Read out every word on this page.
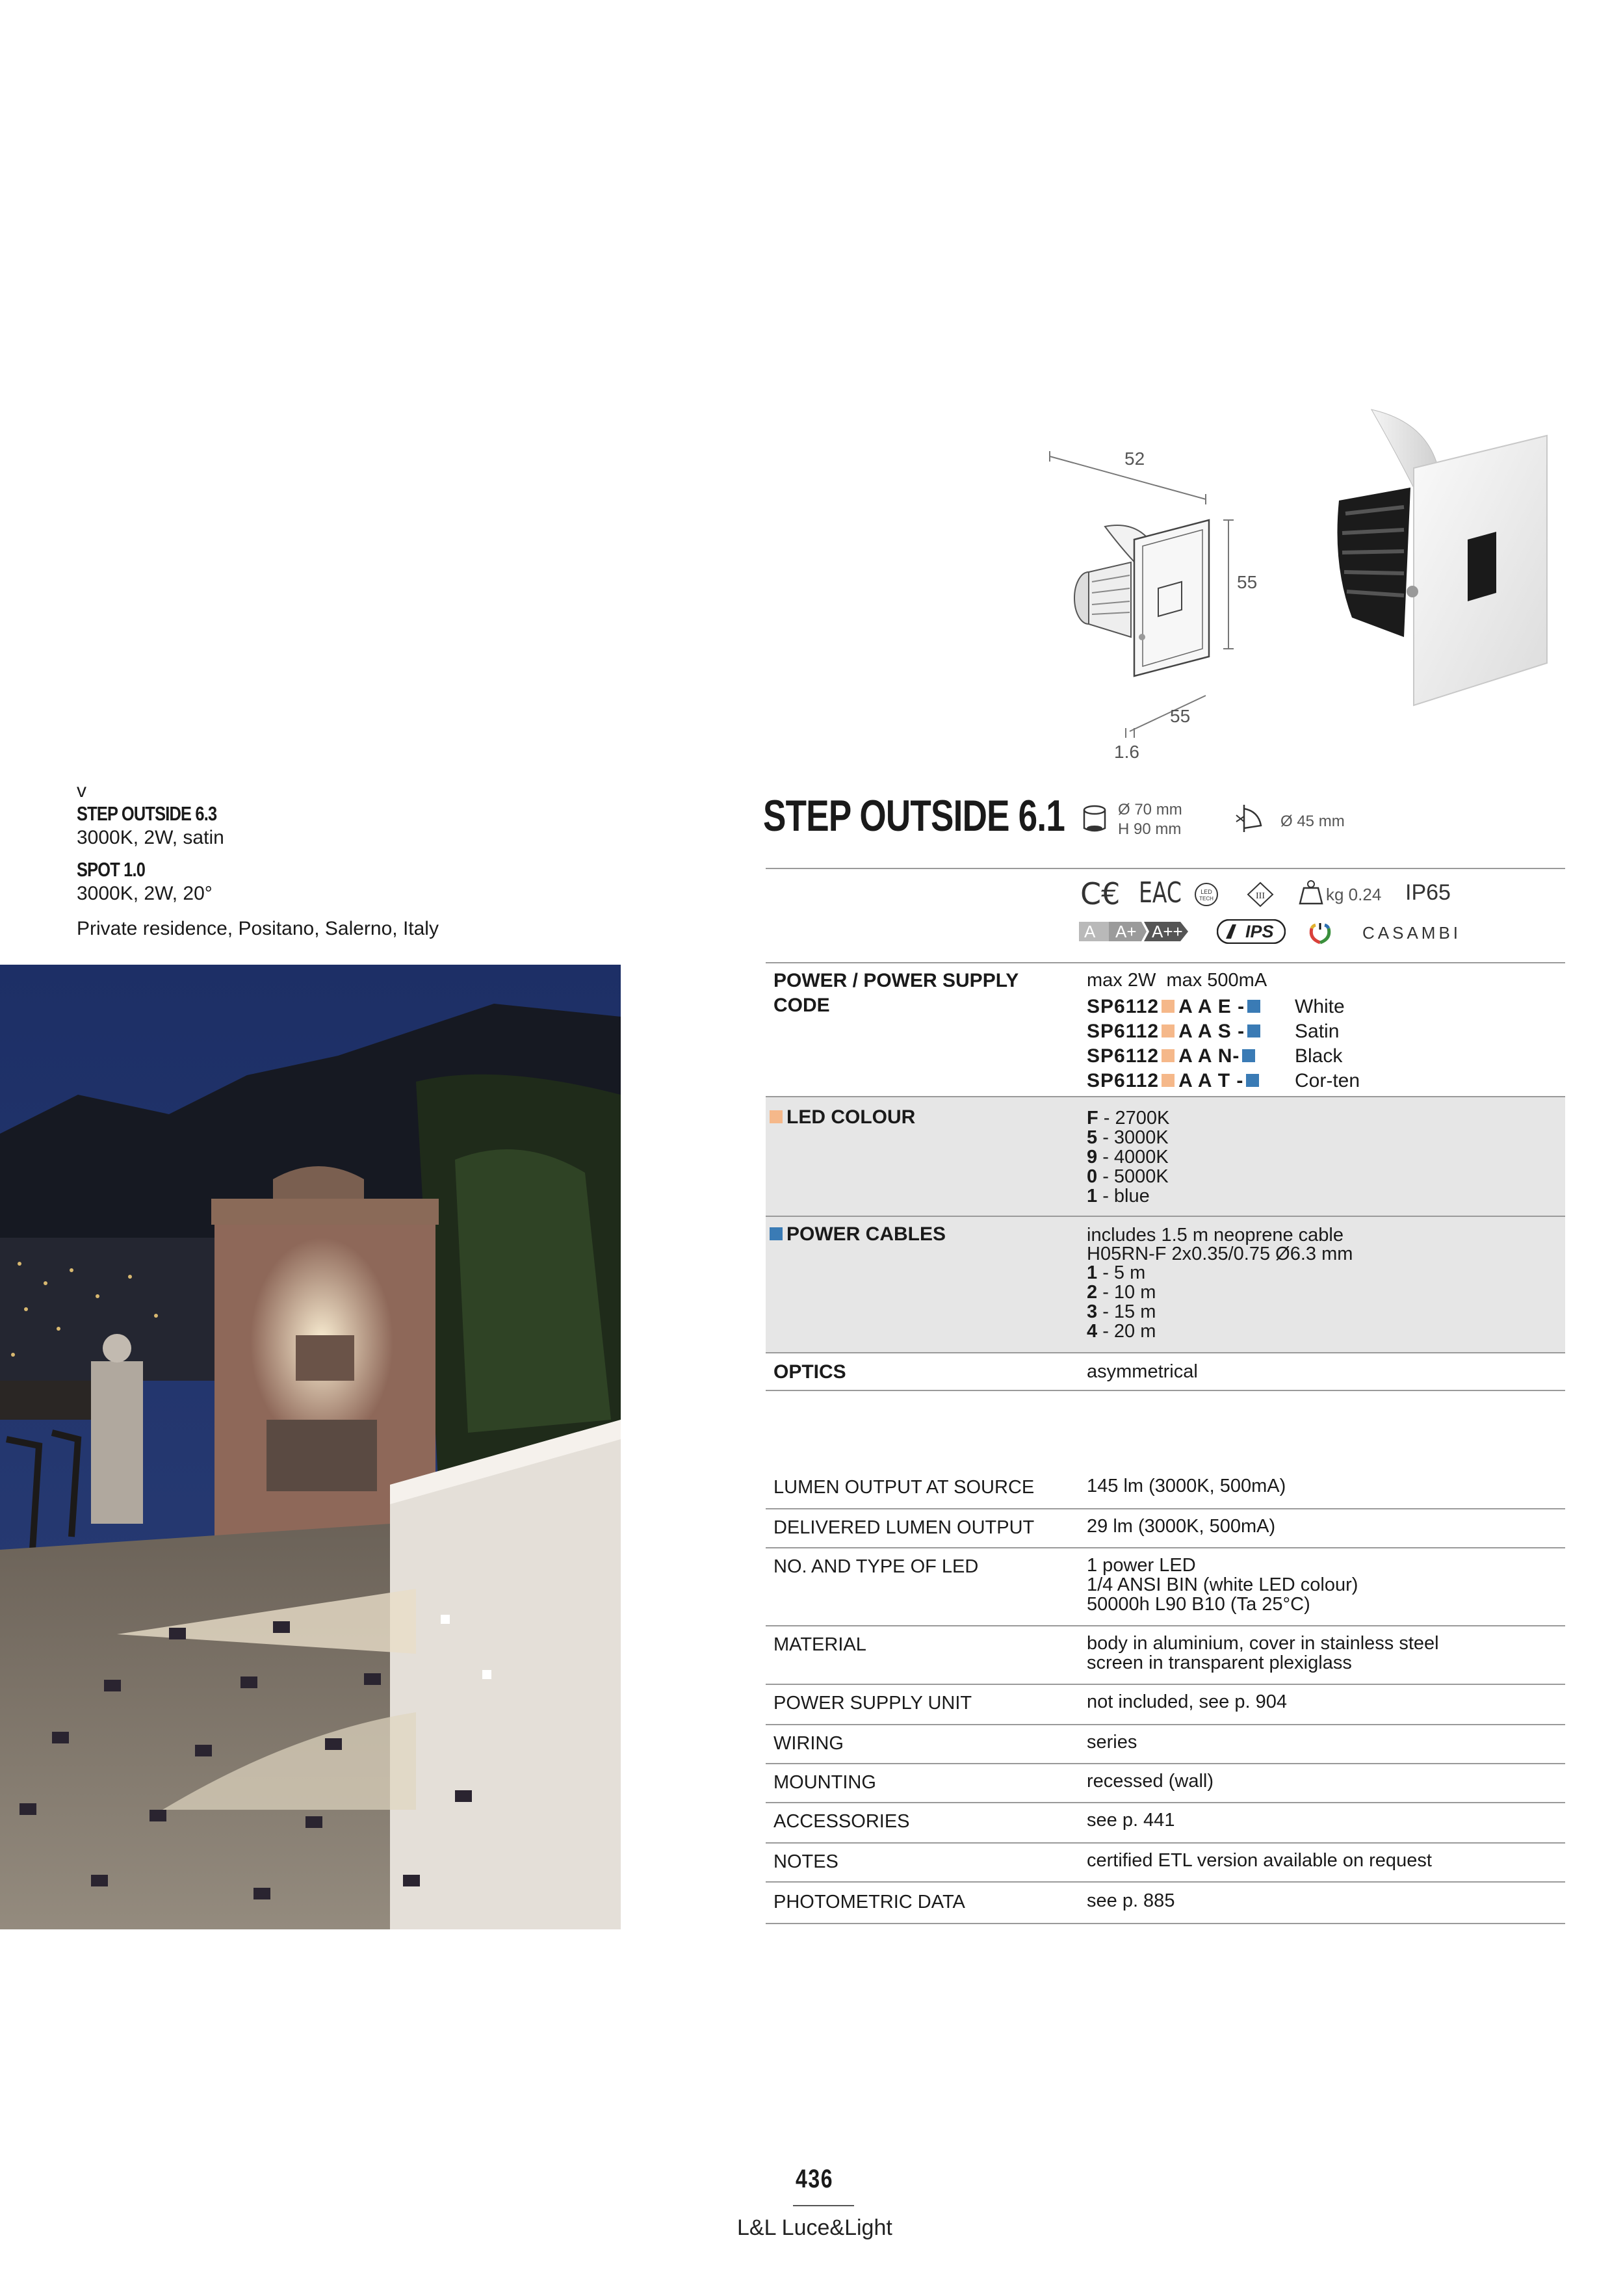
52
55
55
1.6
v
STEP OUTSIDE 6.3
3000K, 2W, satin
SPOT 1.0
3000K, 2W, 20°
Private residence, Positano, Salerno, Italy
STEP OUTSIDE 6.1	Ø 70 mm
H 90 mm	Ø 45 mm
C€ EAC	LED
TECH	III	kg 0.24 IP65
A A+ A++	IPS	CASAMBI
POWER / POWER SUPPLY
CODE
max 2W  max 500mA
SP6112 A A E -	White
SP6112 A A S -	Satin
SP6112 A A N-	Black
SP6112 A A T -	Cor-ten
LED COLOUR	F - 2700K
5 - 3000K
9 - 4000K
0 - 5000K
1 - blue
POWER CABLES	includes 1.5 m neoprene cable
H05RN-F 2x0.35/0.75 Ø6.3 mm
1 - 5 m
2 - 10 m
3 - 15 m
4 - 20 m
OPTICS	asymmetrical
LUMEN OUTPUT AT SOURCE	145 lm (3000K, 500mA)
DELIVERED LUMEN OUTPUT	29 lm (3000K, 500mA)
NO. AND TYPE OF LED	1 power LED
1/4 ANSI BIN (white LED colour)
50000h L90 B10 (Ta 25°C)
MATERIAL	body in aluminium, cover in stainless steel
screen in transparent plexiglass
POWER SUPPLY UNIT	not included, see p. 904
WIRING	series
MOUNTING	recessed (wall)
ACCESSORIES	see p. 441
NOTES	certified ETL version available on request
PHOTOMETRIC DATA	see p. 885
436
L&L Luce&Light
